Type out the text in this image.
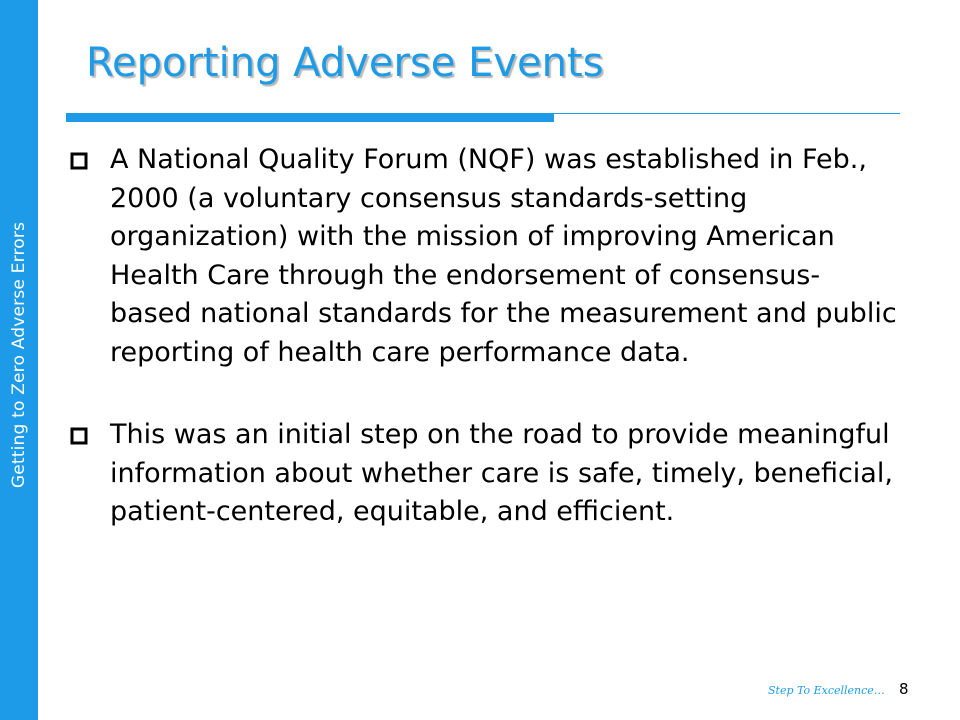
Getting to Zero Adverse Errors
Reporting Adverse Events
A National Quality Forum (NQF) was established in Feb., 2000 (a voluntary consensus standards-setting organization) with the mission of improving American Health Care through the endorsement of consensus-based national standards for the measurement and public reporting of health care performance data.
This was an initial step on the road to provide meaningful information about whether care is safe, timely, beneficial, patient-centered, equitable, and efficient.
Step To Excellence… 8
